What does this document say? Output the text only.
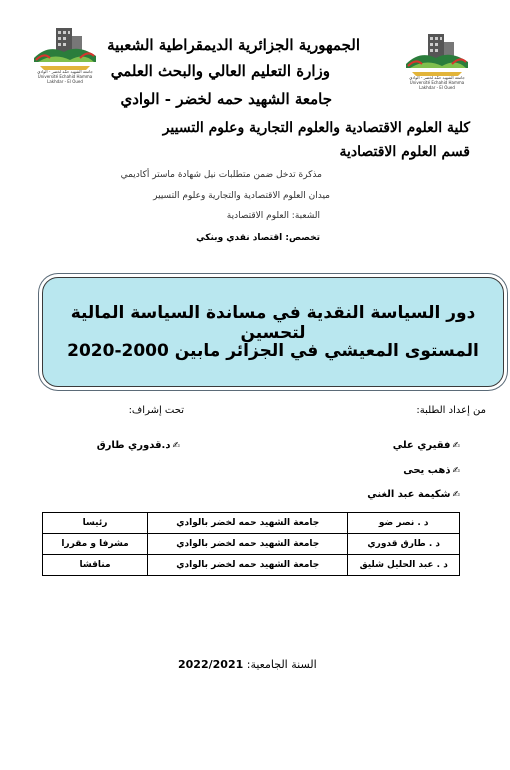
جامعة الشهيد حمّه لخضر - الوادي
Université Echahid Hamma Lakhdar - El Oued
جامعة الشهيد حمّه لخضر - الوادي
Université Echahid Hamma Lakhdar - El Oued
الجمهورية الجزائرية الديمقراطية الشعبية
وزارة التعليم العالي والبحث العلمي
جامعة الشهيد حمه لخضر - الوادي
كلية العلوم الاقتصادية والعلوم التجارية وعلوم التسيير
قسم العلوم الاقتصادية
مذكرة تدخل ضمن متطلبات نيل شهادة ماستر أكاديمي
ميدان العلوم الاقتصادية والتجارية وعلوم التسيير
الشعبة: العلوم الاقتصادية
تخصص: اقتصاد نقدي وبنكي
دور السياسة النقدية في مساندة السياسة المالية لتحسين
المستوى المعيشي في الجزائر مابين 2000-2020
من إعداد الطلبة:
تحت إشراف:
✍فقيري علي
✍د.قدوري طارق
✍ذهب يحى
✍شكيمة عبد الغني
د . نصر ضو	جامعة الشهيد حمه لخضر بالوادي	رئيسا
د . طارق قدوري	جامعة الشهيد حمه لخضر بالوادي	مشرفا و مقررا
د . عبد الحليل شليق	جامعة الشهيد حمه لخضر بالوادي	مناقشا
السنة الجامعية: 2022/2021
